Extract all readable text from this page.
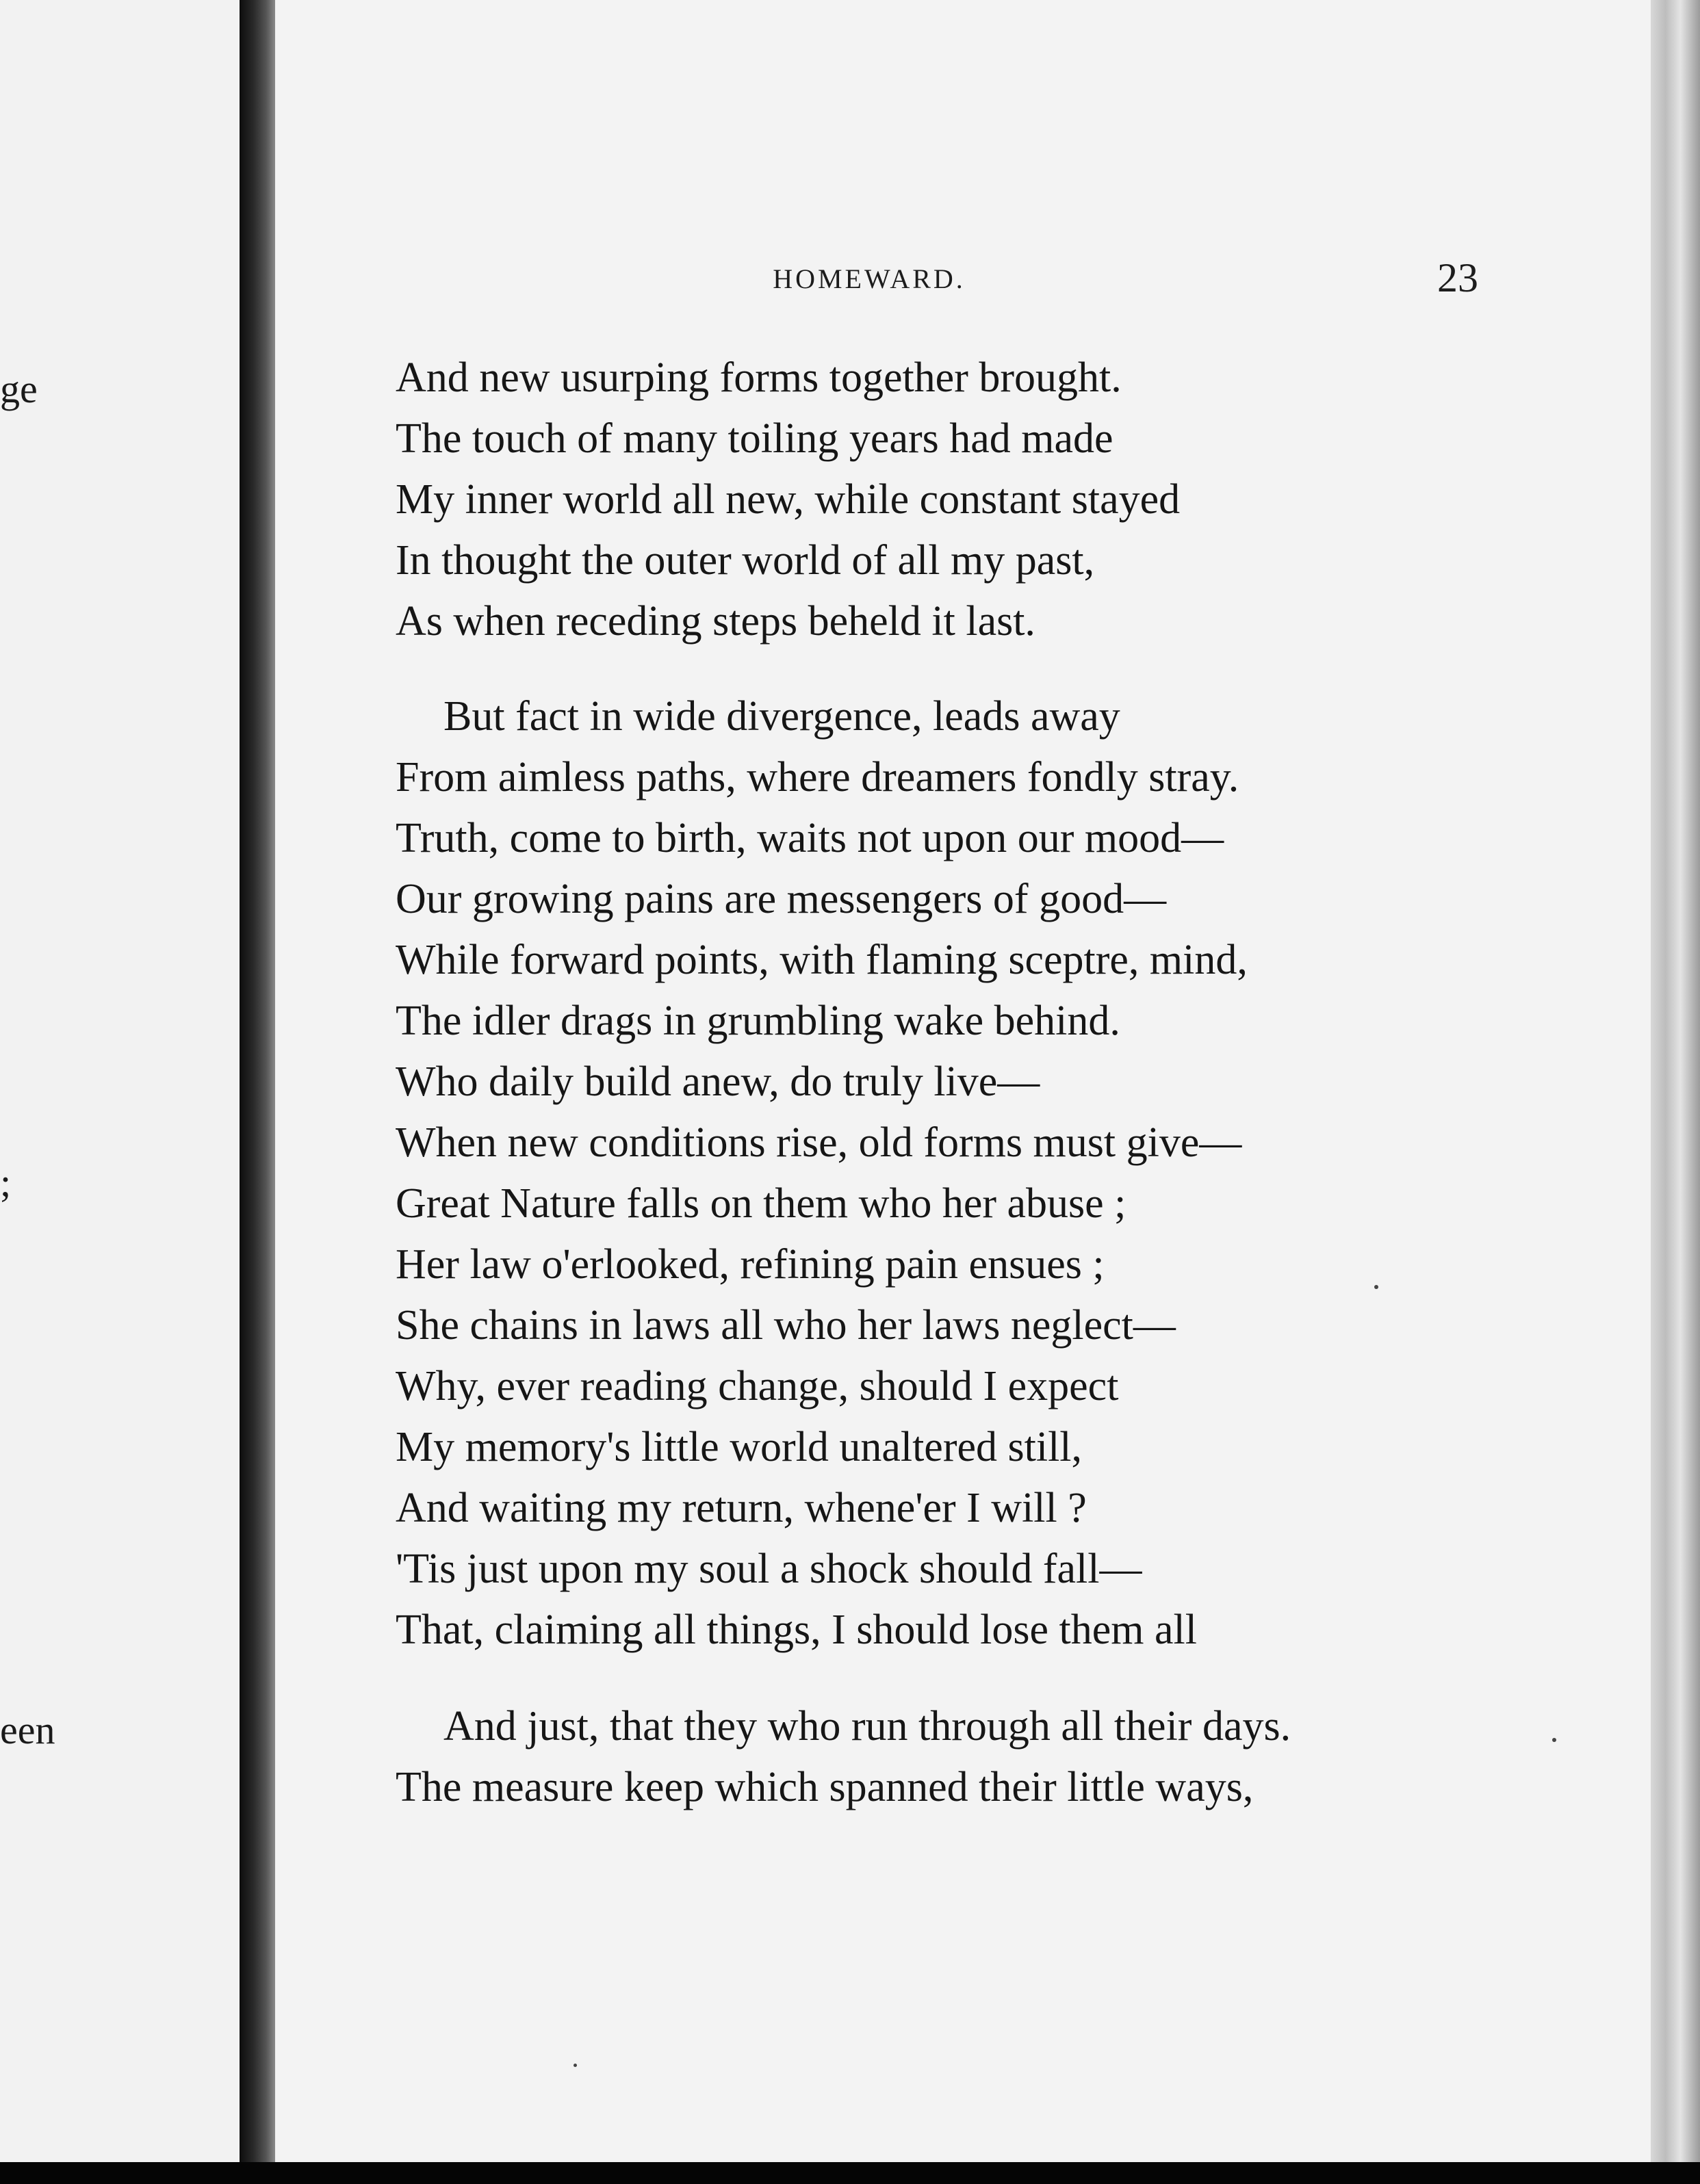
ge
;
een
HOMEWARD.	23
And new usurping forms together brought.
The touch of many toiling years had made
My inner world all new, while constant stayed
In thought the outer world of all my past,
As when receding steps beheld it last.
But fact in wide divergence, leads away
From aimless paths, where dreamers fondly stray.
Truth, come to birth, waits not upon our mood—
Our growing pains are messengers of good—
While forward points, with flaming sceptre, mind,
The idler drags in grumbling wake behind.
Who daily build anew, do truly live—
When new conditions rise, old forms must give—
Great Nature falls on them who her abuse ;
Her law o'erlooked, refining pain ensues ;
She chains in laws all who her laws neglect—
Why, ever reading change, should I expect
My memory's little world unaltered still,
And waiting my return, whene'er I will ?
'Tis just upon my soul a shock should fall—
That, claiming all things, I should lose them all
And just, that they who run through all their days.
The measure keep which spanned their little ways,
